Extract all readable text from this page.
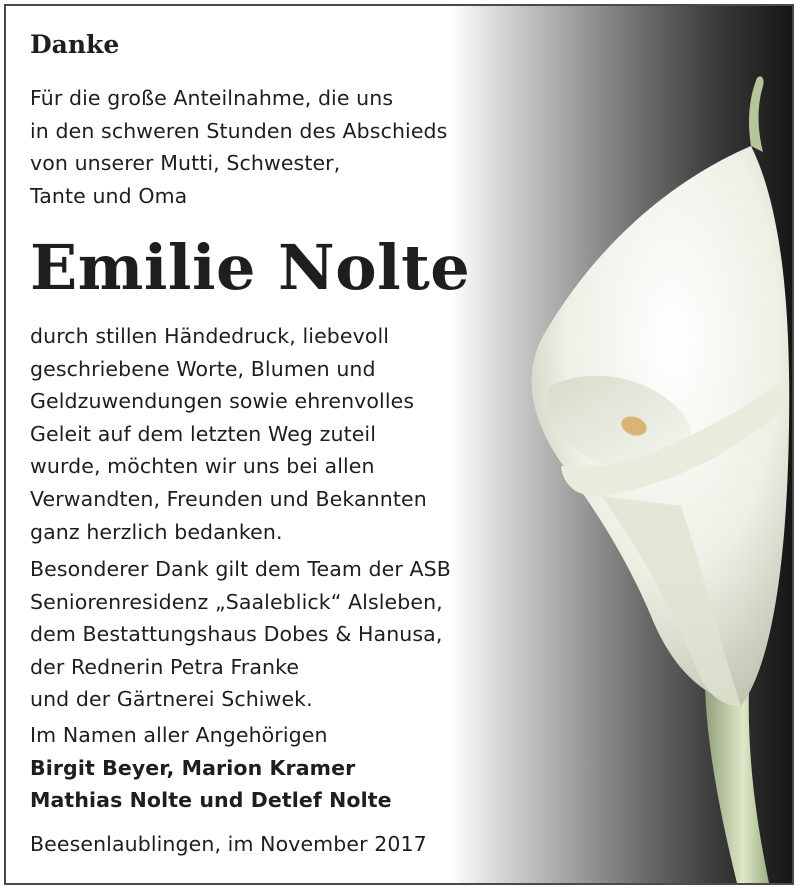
Danke

Für die große Anteilnahme, die uns
in den schweren Stunden des Abschieds
von unserer Mutti, Schwester,
Tante und Oma

Emilie Nolte

durch stillen Händedruck, liebevoll
geschriebene Worte, Blumen und
Geldzuwendungen sowie ehrenvolles
Geleit auf dem letzten Weg zuteil
wurde, möchten wir uns bei allen
Verwandten, Freunden und Bekannten
ganz herzlich bedanken.

Besonderer Dank gilt dem Team der ASB
Seniorenresidenz „Saaleblick“ Alsleben,
dem Bestattungshaus Dobes & Hanusa,
der Rednerin Petra Franke
und der Gärtnerei Schiwek.

Im Namen aller Angehörigen
Birgit Beyer, Marion Kramer
Mathias Nolte und Detlef Nolte

Beesenlaublingen, im November 2017
